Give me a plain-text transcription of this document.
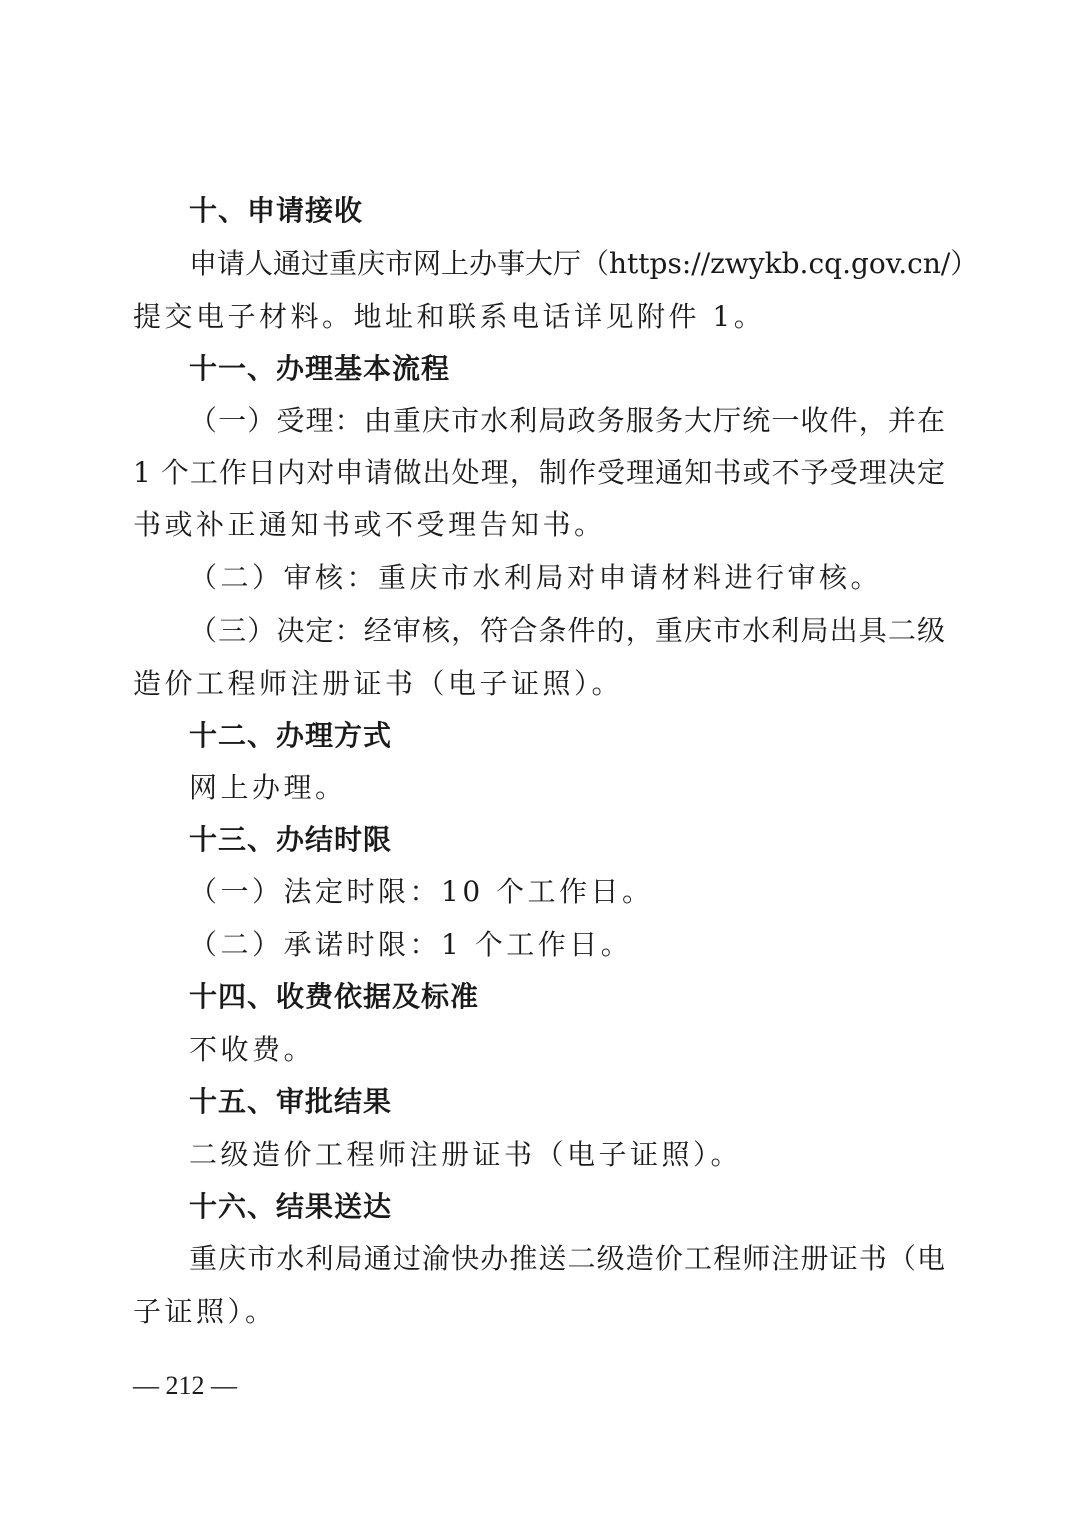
十、申请接收
申请人通过重庆市网上办事大厅（https://zwykb.cq.gov.cn/）
提交电子材料。地址和联系电话详见附件 1。
十一、办理基本流程
（一）受理：由重庆市水利局政务服务大厅统一收件，并在
1 个工作日内对申请做出处理，制作受理通知书或不予受理决定
书或补正通知书或不受理告知书。
（二）审核：重庆市水利局对申请材料进行审核。
（三）决定：经审核，符合条件的，重庆市水利局出具二级
造价工程师注册证书（电子证照）。
十二、办理方式
网上办理。
十三、办结时限
（一）法定时限：10 个工作日。
（二）承诺时限：1 个工作日。
十四、收费依据及标准
不收费。
十五、审批结果
二级造价工程师注册证书（电子证照）。
十六、结果送达
重庆市水利局通过渝快办推送二级造价工程师注册证书（电
子证照）。
— 212 —
